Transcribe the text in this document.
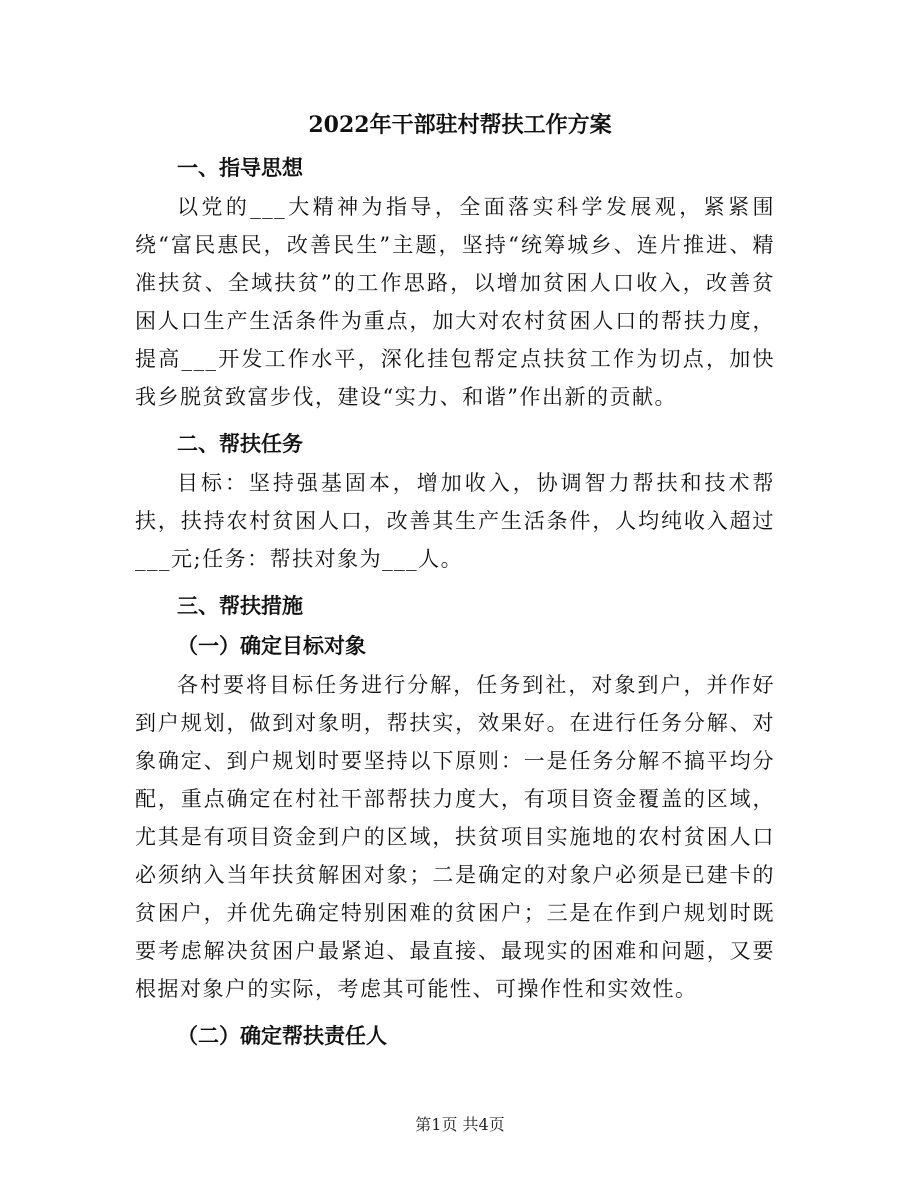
2022年干部驻村帮扶工作方案
一、指导思想

以党的___大精神为指导，全面落实科学发展观，紧紧围绕“富民惠民，改善民生”主题，坚持“统筹城乡、连片推进、精准扶贫、全域扶贫”的工作思路，以增加贫困人口收入，改善贫困人口生产生活条件为重点，加大对农村贫困人口的帮扶力度，提高___开发工作水平，深化挂包帮定点扶贫工作为切点，加快我乡脱贫致富步伐，建设“实力、和谐”作出新的贡献。

二、帮扶任务

目标：坚持强基固本，增加收入，协调智力帮扶和技术帮扶，扶持农村贫困人口，改善其生产生活条件，人均纯收入超过___元;任务：帮扶对象为___人。

三、帮扶措施
（一）确定目标对象

各村要将目标任务进行分解，任务到社，对象到户，并作好到户规划，做到对象明，帮扶实，效果好。在进行任务分解、对象确定、到户规划时要坚持以下原则：一是任务分解不搞平均分配，重点确定在村社干部帮扶力度大，有项目资金覆盖的区域，尤其是有项目资金到户的区域，扶贫项目实施地的农村贫困人口必须纳入当年扶贫解困对象；二是确定的对象户必须是已建卡的贫困户，并优先确定特别困难的贫困户；三是在作到户规划时既要考虑解决贫困户最紧迫、最直接、最现实的困难和问题，又要根据对象户的实际，考虑其可能性、可操作性和实效性。

（二）确定帮扶责任人
第1页 共4页
